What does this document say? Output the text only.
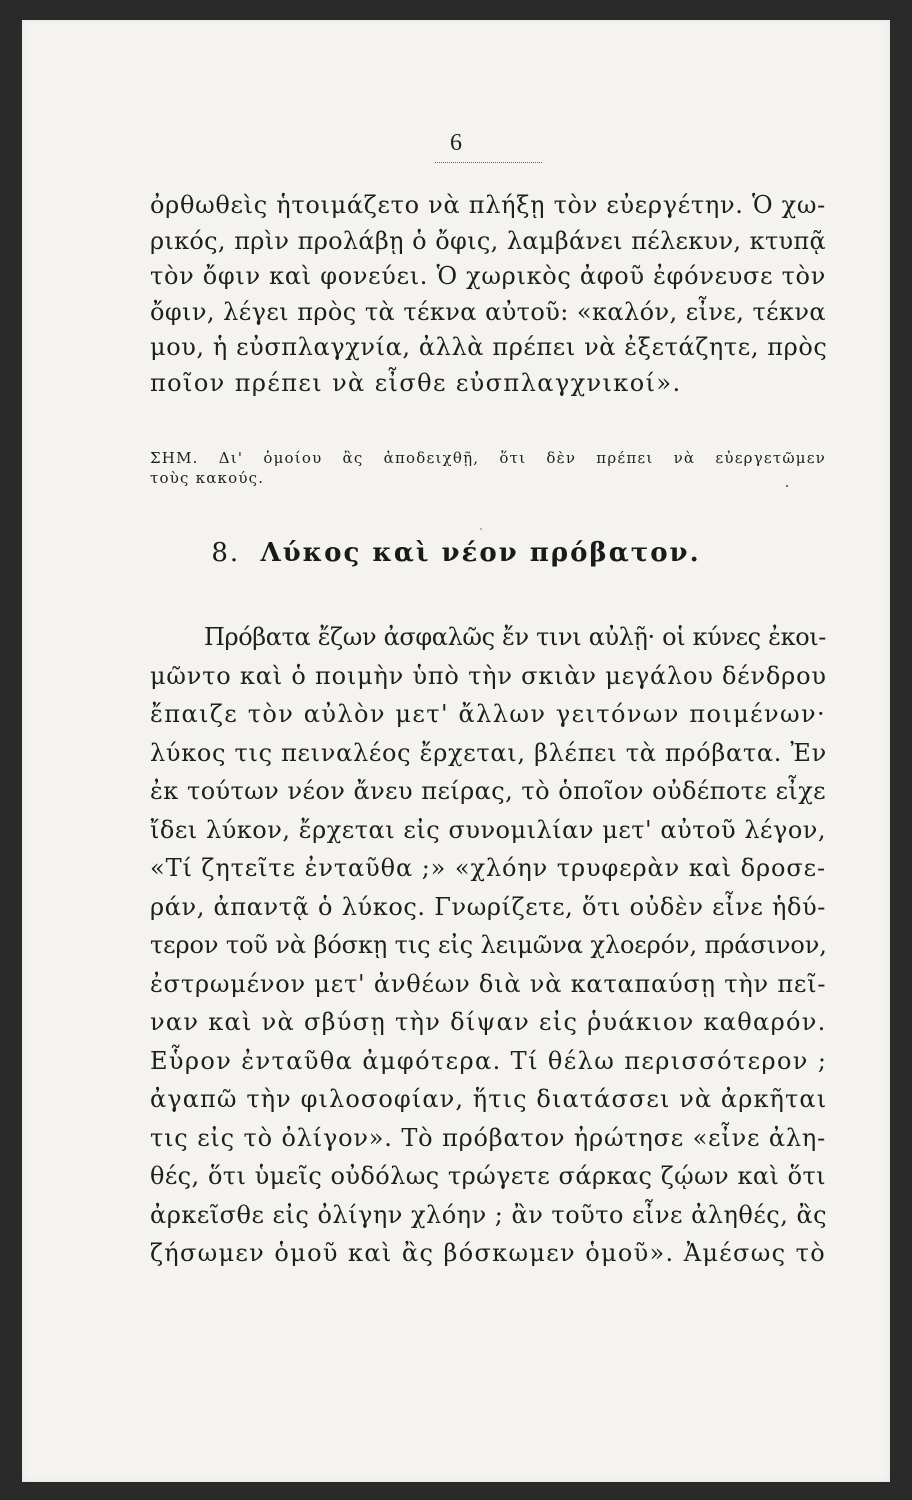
6
ὀρθωθεὶς ἡτοιμάζετο νὰ πλήξῃ τὸν εὐεργέτην. Ὁ χω-
ρικός, πρὶν προλάβῃ ὁ ὄφις, λαμβάνει πέλεκυν, κτυπᾷ
τὸν ὄφιν καὶ φονεύει. Ὁ χωρικὸς ἀφοῦ ἐφόνευσε τὸν
ὄφιν, λέγει πρὸς τὰ τέκνα αὐτοῦ: «καλόν, εἶνε, τέκνα
μου, ἡ εὐσπλαγχνία, ἀλλὰ πρέπει νὰ ἐξετάζητε, πρὸς
ποῖον πρέπει νὰ εἶσθε εὐσπλαγχνικοί».
ΣΗΜ. Δι' ὁμοίου ἂς ἀποδειχθῇ, ὅτι δὲν πρέπει νὰ εὐεργετῶμεν
τοὺς κακούς.
8. Λύκος καὶ νέον πρόβατον.
Πρόβατα ἔζων ἀσφαλῶς ἔν τινι αὐλῇ· οἱ κύνες ἐκοι-
μῶντο καὶ ὁ ποιμὴν ὑπὸ τὴν σκιὰν μεγάλου δένδρου
ἔπαιζε τὸν αὐλὸν μετ' ἄλλων γειτόνων ποιμένων·
λύκος τις πειναλέος ἔρχεται, βλέπει τὰ πρόβατα. Ἐν
ἐκ τούτων νέον ἄνευ πείρας, τὸ ὁποῖον οὐδέποτε εἶχε
ἴδει λύκον, ἔρχεται εἰς συνομιλίαν μετ' αὐτοῦ λέγον,
«Τί ζητεῖτε ἐνταῦθα ;» «χλόην τρυφερὰν καὶ δροσε-
ράν, ἀπαντᾷ ὁ λύκος. Γνωρίζετε, ὅτι οὐδὲν εἶνε ἡδύ-
τερον τοῦ νὰ βόσκῃ τις εἰς λειμῶνα χλοερόν, πράσινον,
ἐστρωμένον μετ' ἀνθέων διὰ νὰ καταπαύσῃ τὴν πεῖ-
ναν καὶ νὰ σβύσῃ τὴν δίψαν εἰς ῥυάκιον καθαρόν.
Εὗρον ἐνταῦθα ἀμφότερα. Τί θέλω περισσότερον ;
ἀγαπῶ τὴν φιλοσοφίαν, ἥτις διατάσσει νὰ ἀρκῆται
τις εἰς τὸ ὀλίγον». Τὸ πρόβατον ἠρώτησε «εἶνε ἀλη-
θές, ὅτι ὑμεῖς οὐδόλως τρώγετε σάρκας ζῴων καὶ ὅτι
ἀρκεῖσθε εἰς ὀλίγην χλόην ; ἂν τοῦτο εἶνε ἀληθές, ἂς
ζήσωμεν ὁμοῦ καὶ ἂς βόσκωμεν ὁμοῦ». Ἀμέσως τὸ
